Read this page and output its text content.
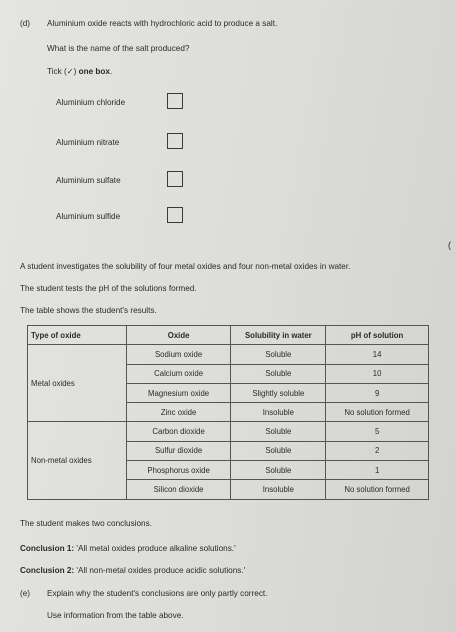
(d) Aluminium oxide reacts with hydrochloric acid to produce a salt.
What is the name of the salt produced?
Tick (✓) one box.
Aluminium chloride
Aluminium nitrate
Aluminium sulfate
Aluminium sulfide
(
A student investigates the solubility of four metal oxides and four non-metal oxides in water.
The student tests the pH of the solutions formed.
The table shows the student's results.
Type of oxide	Oxide	Solubility in water	pH of solution
Metal oxides	Sodium oxide	Soluble	14
	Calcium oxide	Soluble	10
	Magnesium oxide	Slightly soluble	9
	Zinc oxide	Insoluble	No solution formed
Non-metal oxides	Carbon dioxide	Soluble	5
	Sulfur dioxide	Soluble	2
	Phosphorus oxide	Soluble	1
	Silicon dioxide	Insoluble	No solution formed
The student makes two conclusions.
Conclusion 1: 'All metal oxides produce alkaline solutions.'
Conclusion 2: 'All non-metal oxides produce acidic solutions.'
(e) Explain why the student's conclusions are only partly correct.
Use information from the table above.
